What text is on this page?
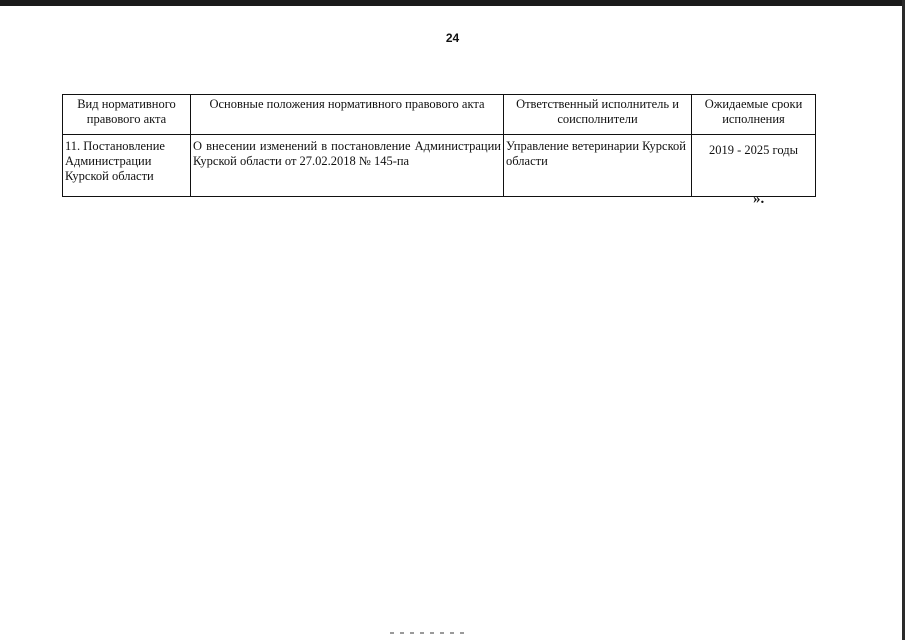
24
Вид нормативного правового акта	Основные положения нормативного правового акта	Ответственный исполнитель и соисполнители	Ожидаемые сроки исполнения
11. Постановление Администрации Курской области	О внесении изменений в постановление Администрации Курской области от 27.02.2018 № 145-па	Управление ветеринарии Курской области	2019 - 2025 годы
».
